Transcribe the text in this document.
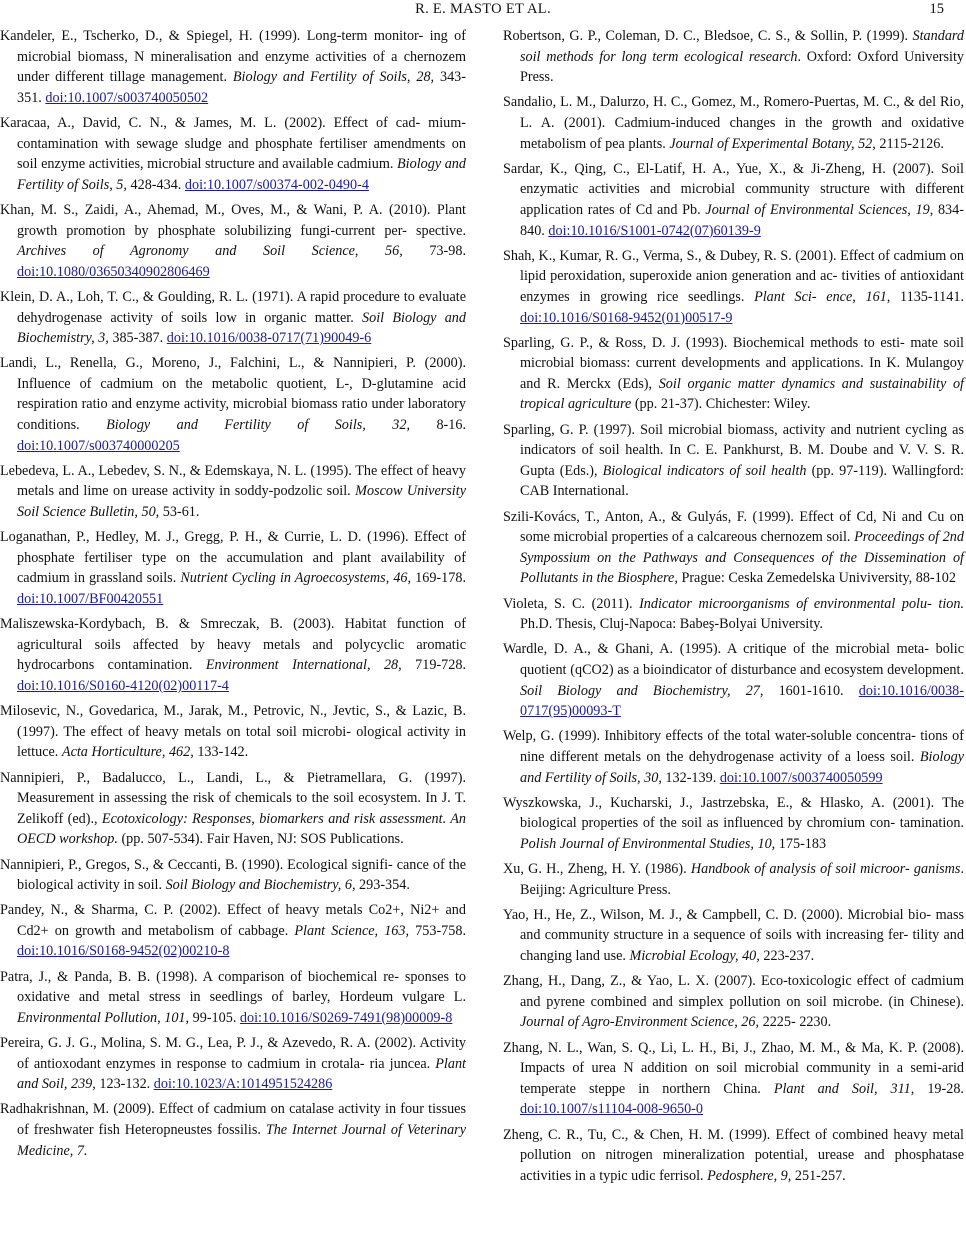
R. E. MASTO ET AL.	15

Kandeler, E., Tscherko, D., & Spiegel, H. (1999). Long-term monitor- ing of microbial biomass, N mineralisation and enzyme activities of a chernozem under different tillage management. Biology and Fertility of Soils, 28, 343-351. doi:10.1007/s003740050502

Karacaa, A., David, C. N., & James, M. L. (2002). Effect of cad- mium-contamination with sewage sludge and phosphate fertiliser amendments on soil enzyme activities, microbial structure and available cadmium. Biology and Fertility of Soils, 5, 428-434. doi:10.1007/s00374-002-0490-4

Khan, M. S., Zaidi, A., Ahemad, M., Oves, M., & Wani, P. A. (2010). Plant growth promotion by phosphate solubilizing fungi-current per- spective. Archives of Agronomy and Soil Science, 56, 73-98. doi:10.1080/03650340902806469

Klein, D. A., Loh, T. C., & Goulding, R. L. (1971). A rapid procedure to evaluate dehydrogenase activity of soils low in organic matter. Soil Biology and Biochemistry, 3, 385-387. doi:10.1016/0038-0717(71)90049-6

Landi, L., Renella, G., Moreno, J., Falchini, L., & Nannipieri, P. (2000). Influence of cadmium on the metabolic quotient, L-, D-glutamine acid respiration ratio and enzyme activity, microbial biomass ratio under laboratory conditions. Biology and Fertility of Soils, 32, 8-16. doi:10.1007/s003740000205

Lebedeva, L. A., Lebedev, S. N., & Edemskaya, N. L. (1995). The effect of heavy metals and lime on urease activity in soddy-podzolic soil. Moscow University Soil Science Bulletin, 50, 53-61.

Loganathan, P., Hedley, M. J., Gregg, P. H., & Currie, L. D. (1996). Effect of phosphate fertiliser type on the accumulation and plant availability of cadmium in grassland soils. Nutrient Cycling in Agroecosystems, 46, 169-178. doi:10.1007/BF00420551

Maliszewska-Kordybach, B. & Smreczak, B. (2003). Habitat function of agricultural soils affected by heavy metals and polycyclic aromatic hydrocarbons contamination. Environment International, 28, 719-728. doi:10.1016/S0160-4120(02)00117-4

Milosevic, N., Govedarica, M., Jarak, M., Petrovic, N., Jevtic, S., & Lazic, B. (1997). The effect of heavy metals on total soil microbi- ological activity in lettuce. Acta Horticulture, 462, 133-142.

Nannipieri, P., Badalucco, L., Landi, L., & Pietramellara, G. (1997). Measurement in assessing the risk of chemicals to the soil ecosystem. In J. T. Zelikoff (ed)., Ecotoxicology: Responses, biomarkers and risk assessment. An OECD workshop. (pp. 507-534). Fair Haven, NJ: SOS Publications.

Nannipieri, P., Gregos, S., & Ceccanti, B. (1990). Ecological signifi- cance of the biological activity in soil. Soil Biology and Biochemistry, 6, 293-354.

Pandey, N., & Sharma, C. P. (2002). Effect of heavy metals Co2+, Ni2+ and Cd2+ on growth and metabolism of cabbage. Plant Science, 163, 753-758. doi:10.1016/S0168-9452(02)00210-8

Patra, J., & Panda, B. B. (1998). A comparison of biochemical re- sponses to oxidative and metal stress in seedlings of barley, Hordeum vulgare L. Environmental Pollution, 101, 99-105. doi:10.1016/S0269-7491(98)00009-8

Pereira, G. J. G., Molina, S. M. G., Lea, P. J., & Azevedo, R. A. (2002). Activity of antioxodant enzymes in response to cadmium in crotala- ria juncea. Plant and Soil, 239, 123-132. doi:10.1023/A:1014951524286

Radhakrishnan, M. (2009). Effect of cadmium on catalase activity in four tissues of freshwater fish Heteropneustes fossilis. The Internet Journal of Veterinary Medicine, 7.

Robertson, G. P., Coleman, D. C., Bledsoe, C. S., & Sollin, P. (1999). Standard soil methods for long term ecological research. Oxford: Oxford University Press.

Sandalio, L. M., Dalurzo, H. C., Gomez, M., Romero-Puertas, M. C., & del Rio, L. A. (2001). Cadmium-induced changes in the growth and oxidative metabolism of pea plants. Journal of Experimental Botany, 52, 2115-2126.

Sardar, K., Qing, C., El-Latif, H. A., Yue, X., & Ji-Zheng, H. (2007). Soil enzymatic activities and microbial community structure with different application rates of Cd and Pb. Journal of Environmental Sciences, 19, 834-840. doi:10.1016/S1001-0742(07)60139-9

Shah, K., Kumar, R. G., Verma, S., & Dubey, R. S. (2001). Effect of cadmium on lipid peroxidation, superoxide anion generation and ac- tivities of antioxidant enzymes in growing rice seedlings. Plant Sci- ence, 161, 1135-1141. doi:10.1016/S0168-9452(01)00517-9

Sparling, G. P., & Ross, D. J. (1993). Biochemical methods to esti- mate soil microbial biomass: current developments and applications. In K. Mulangoy and R. Merckx (Eds), Soil organic matter dynamics and sustainability of tropical agriculture (pp. 21-37). Chichester: Wiley.

Sparling, G. P. (1997). Soil microbial biomass, activity and nutrient cycling as indicators of soil health. In C. E. Pankhurst, B. M. Doube and V. V. S. R. Gupta (Eds.), Biological indicators of soil health (pp. 97-119). Wallingford: CAB International.

Szili-Kovács, T., Anton, A., & Gulyás, F. (1999). Effect of Cd, Ni and Cu on some microbial properties of a calcareous chernozem soil. Proceedings of 2nd Sympossium on the Pathways and Consequences of the Dissemination of Pollutants in the Biosphere, Prague: Ceska Zemedelska Univiversity, 88-102

Violeta, S. C. (2011). Indicator microorganisms of environmental polu- tion. Ph.D. Thesis, Cluj-Napoca: Babeş-Bolyai University.

Wardle, D. A., & Ghani, A. (1995). A critique of the microbial meta- bolic quotient (qCO2) as a bioindicator of disturbance and ecosystem development. Soil Biology and Biochemistry, 27, 1601-1610. doi:10.1016/0038-0717(95)00093-T

Welp, G. (1999). Inhibitory effects of the total water-soluble concentra- tions of nine different metals on the dehydrogenase activity of a loess soil. Biology and Fertility of Soils, 30, 132-139. doi:10.1007/s003740050599

Wyszkowska, J., Kucharski, J., Jastrzebska, E., & Hlasko, A. (2001). The biological properties of the soil as influenced by chromium con- tamination. Polish Journal of Environmental Studies, 10, 175-183

Xu, G. H., Zheng, H. Y. (1986). Handbook of analysis of soil microor- ganisms. Beijing: Agriculture Press.

Yao, H., He, Z., Wilson, M. J., & Campbell, C. D. (2000). Microbial bio- mass and community structure in a sequence of soils with increasing fer- tility and changing land use. Microbial Ecology, 40, 223-237.

Zhang, H., Dang, Z., & Yao, L. X. (2007). Eco-toxicologic effect of cadmium and pyrene combined and simplex pollution on soil microbe. (in Chinese). Journal of Agro-Environment Science, 26, 2225- 2230.

Zhang, N. L., Wan, S. Q., Li, L. H., Bi, J., Zhao, M. M., & Ma, K. P. (2008). Impacts of urea N addition on soil microbial community in a semi-arid temperate steppe in northern China. Plant and Soil, 311, 19-28. doi:10.1007/s11104-008-9650-0

Zheng, C. R., Tu, C., & Chen, H. M. (1999). Effect of combined heavy metal pollution on nitrogen mineralization potential, urease and phosphatase activities in a typic udic ferrisol. Pedosphere, 9, 251-257.
